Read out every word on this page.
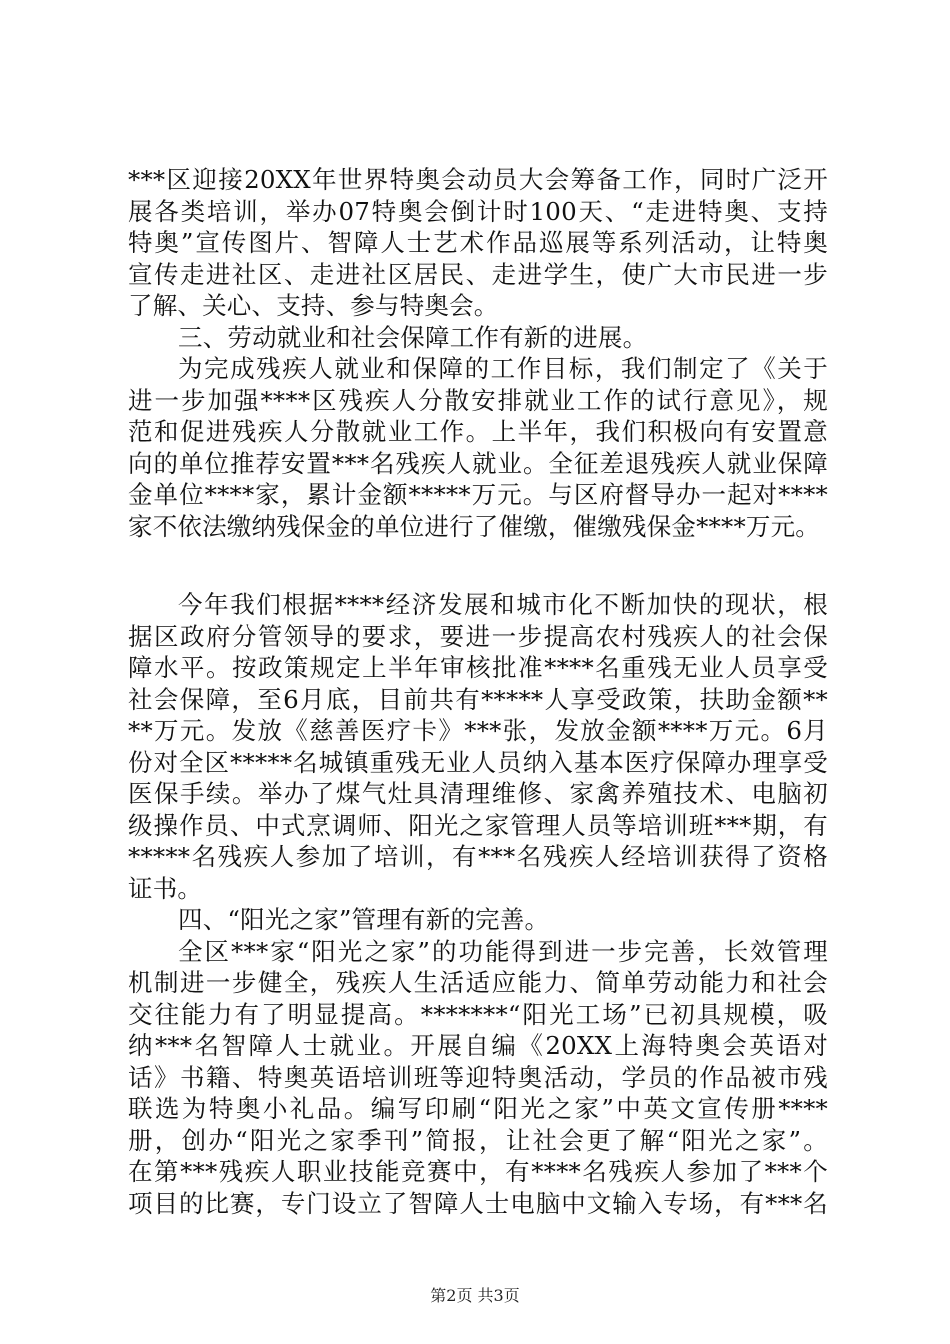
***区迎接20XX年世界特奥会动员大会筹备工作，同时广泛开
展各类培训，举办07特奥会倒计时100天、“走进特奥、支持
特奥”宣传图片、智障人士艺术作品巡展等系列活动，让特奥
宣传走进社区、走进社区居民、走进学生，使广大市民进一步
了解、关心、支持、参与特奥会。
三、劳动就业和社会保障工作有新的进展。
为完成残疾人就业和保障的工作目标，我们制定了《关于
进一步加强****区残疾人分散安排就业工作的试行意见》，规
范和促进残疾人分散就业工作。上半年，我们积极向有安置意
向的单位推荐安置***名残疾人就业。全征差退残疾人就业保障
金单位****家，累计金额*****万元。与区府督导办一起对****
家不依法缴纳残保金的单位进行了催缴，催缴残保金****万元。
今年我们根据****经济发展和城市化不断加快的现状，根
据区政府分管领导的要求，要进一步提高农村残疾人的社会保
障水平。按政策规定上半年审核批准****名重残无业人员享受
社会保障，至6月底，目前共有*****人享受政策，扶助金额**
**万元。发放《慈善医疗卡》***张，发放金额****万元。6月
份对全区*****名城镇重残无业人员纳入基本医疗保障办理享受
医保手续。举办了煤气灶具清理维修、家禽养殖技术、电脑初
级操作员、中式烹调师、阳光之家管理人员等培训班***期，有
*****名残疾人参加了培训，有***名残疾人经培训获得了资格
证书。
四、“阳光之家”管理有新的完善。
全区***家“阳光之家”的功能得到进一步完善，长效管理
机制进一步健全，残疾人生活适应能力、简单劳动能力和社会
交往能力有了明显提高。*******“阳光工场”已初具规模，吸
纳***名智障人士就业。开展自编《20XX上海特奥会英语对
话》书籍、特奥英语培训班等迎特奥活动，学员的作品被市残
联选为特奥小礼品。编写印刷“阳光之家”中英文宣传册****
册，创办“阳光之家季刊”简报，让社会更了解“阳光之家”。
在第***残疾人职业技能竞赛中，有****名残疾人参加了***个
项目的比赛，专门设立了智障人士电脑中文输入专场，有***名
第2页 共3页
